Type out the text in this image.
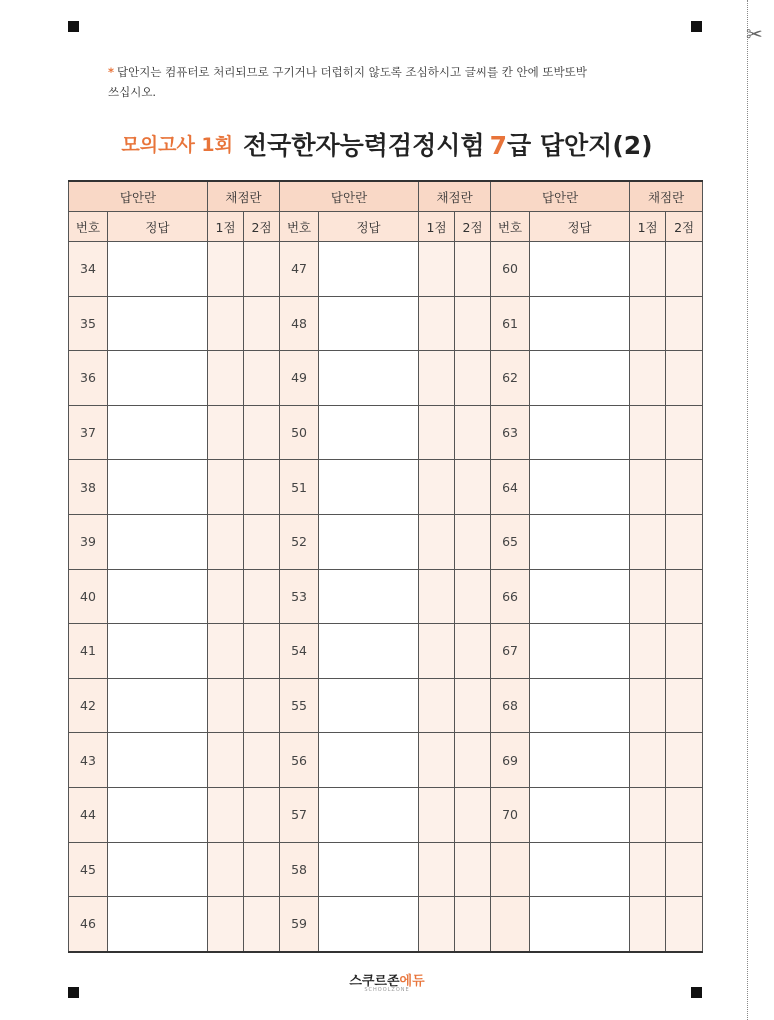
✂
* 답안지는 컴퓨터로 처리되므로 구기거나 더럽히지 않도록 조심하시고 글씨를 칸 안에 또박또박
쓰십시오.
모의고사 1회 전국한자능력검정시험 7급 답안지(2)
답안란		채점란		답안란		채점란		답안란		채점란	
번호	정답	1점	2점	번호	정답	1점	2점	번호	정답	1점	2점
34				47				60			
35				48				61			
36				49				62			
37				50				63			
38				51				64			
39				52				65			
40				53				66			
41				54				67			
42				55				68			
43				56				69			
44				57				70			
45				58							
46				59							
스쿠르존에듀
SCHOOLZONE
